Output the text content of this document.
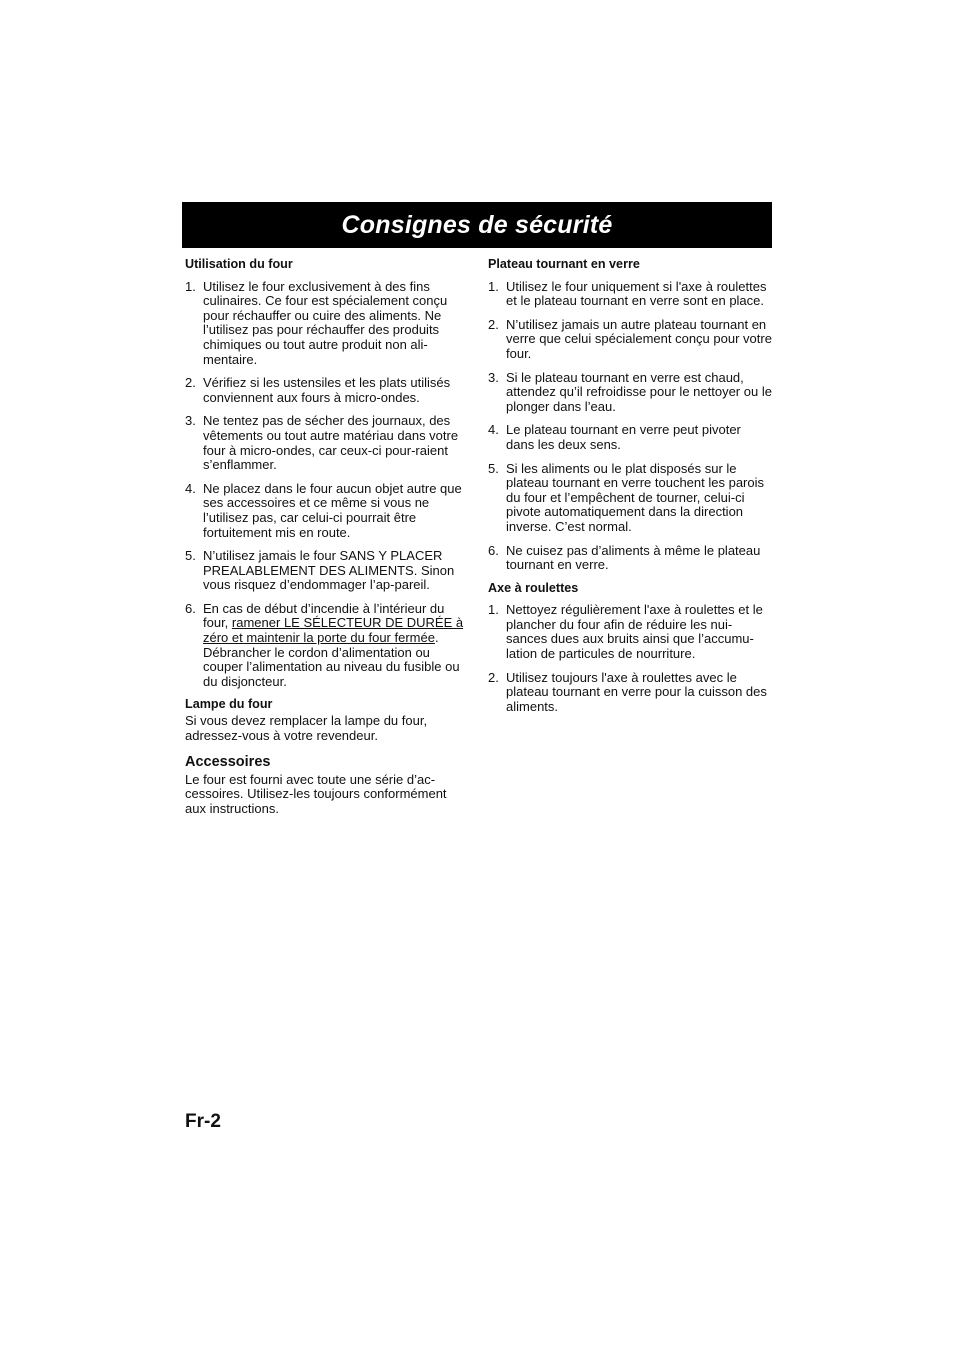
Consignes de sécurité
Utilisation du four
1. Utilisez le four exclusivement à des fins culinaires. Ce four est spécialement conçu pour réchauffer ou cuire des aliments. Ne l’utilisez pas pour réchauffer des produits chimiques ou tout autre produit non ali-mentaire.
2. Vérifiez si les ustensiles et les plats utilisés conviennent aux fours à micro-ondes.
3. Ne tentez pas de sécher des journaux, des vêtements ou tout autre matériau dans votre four à micro-ondes, car ceux-ci pour-raient s’enflammer.
4. Ne placez dans le four aucun objet autre que ses accessoires et ce même si vous ne l’utilisez pas, car celui-ci pourrait être fortuitement mis en route.
5. N’utilisez jamais le four SANS Y PLACER PREALABLEMENT DES ALIMENTS. Sinon vous risquez d’endommager l’ap-pareil.
6. En cas de début d’incendie à l’intérieur du four, ramener LE SÉLECTEUR DE DURÉE à zéro et maintenir la porte du four fermée. Débrancher le cordon d’alimentation ou couper l’alimentation au niveau du fusible ou du disjoncteur.
Lampe du four

Si vous devez remplacer la lampe du four, adressez-vous à votre revendeur.

Accessoires

Le four est fourni avec toute une série d’ac-cessoires. Utilisez-les toujours conformément aux instructions.

Plateau tournant en verre
1. Utilisez le four uniquement si l'axe à roulettes et le plateau tournant en verre sont en place.
2. N’utilisez jamais un autre plateau tournant en verre que celui spécialement conçu pour votre four.
3. Si le plateau tournant en verre est chaud, attendez qu’il refroidisse pour le nettoyer ou le plonger dans l’eau.
4. Le plateau tournant en verre peut pivoter dans les deux sens.
5. Si les aliments ou le plat disposés sur le plateau tournant en verre touchent les parois du four et l’empêchent de tourner, celui-ci pivote automatiquement dans la direction inverse. C’est normal.
6. Ne cuisez pas d’aliments à même le plateau tournant en verre.
Axe à roulettes
1. Nettoyez régulièrement l'axe à roulettes et le plancher du four afin de réduire les nui-sances dues aux bruits ainsi que l’accumu-lation de particules de nourriture.
2. Utilisez toujours l'axe à roulettes avec le plateau tournant en verre pour la cuisson des aliments.
Fr-2
